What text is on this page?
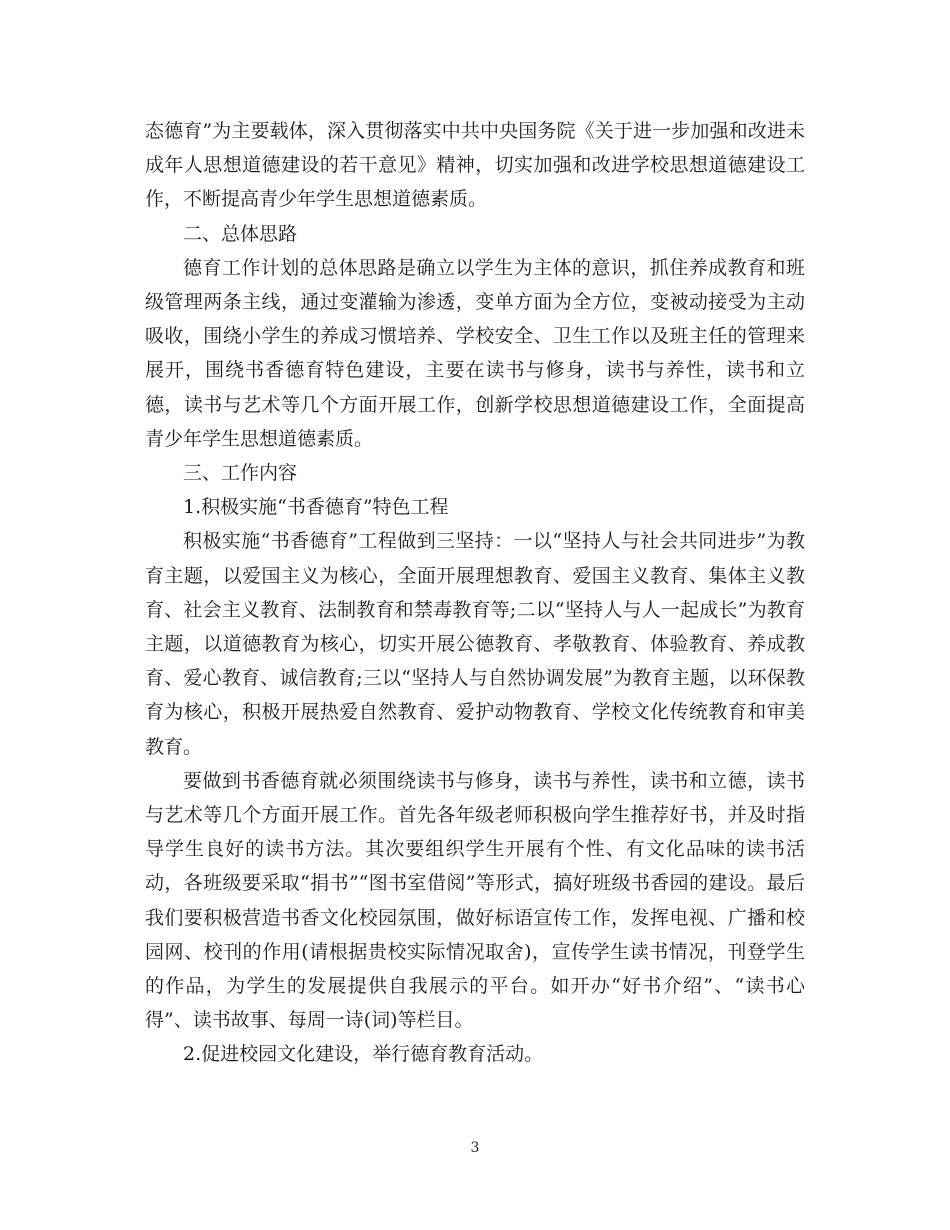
态德育”为主要载体，深入贯彻落实中共中央国务院《关于进一步加强和改进未成年人思想道德建设的若干意见》精神，切实加强和改进学校思想道德建设工作，不断提高青少年学生思想道德素质。

二、总体思路

德育工作计划的总体思路是确立以学生为主体的意识，抓住养成教育和班级管理两条主线，通过变灌输为渗透，变单方面为全方位，变被动接受为主动吸收，围绕小学生的养成习惯培养、学校安全、卫生工作以及班主任的管理来展开，围绕书香德育特色建设，主要在读书与修身，读书与养性，读书和立德，读书与艺术等几个方面开展工作，创新学校思想道德建设工作，全面提高青少年学生思想道德素质。

三、工作内容

1.积极实施“书香德育”特色工程

积极实施“书香德育”工程做到三坚持：一以“坚持人与社会共同进步”为教育主题，以爱国主义为核心，全面开展理想教育、爱国主义教育、集体主义教育、社会主义教育、法制教育和禁毒教育等;二以“坚持人与人一起成长”为教育主题，以道德教育为核心，切实开展公德教育、孝敬教育、体验教育、养成教育、爱心教育、诚信教育;三以“坚持人与自然协调发展”为教育主题，以环保教育为核心，积极开展热爱自然教育、爱护动物教育、学校文化传统教育和审美教育。

要做到书香德育就必须围绕读书与修身，读书与养性，读书和立德，读书与艺术等几个方面开展工作。首先各年级老师积极向学生推荐好书，并及时指导学生良好的读书方法。其次要组织学生开展有个性、有文化品味的读书活动，各班级要采取“捐书”“图书室借阅”等形式，搞好班级书香园的建设。最后我们要积极营造书香文化校园氛围，做好标语宣传工作，发挥电视、广播和校园网、校刊的作用(请根据贵校实际情况取舍)，宣传学生读书情况，刊登学生的作品，为学生的发展提供自我展示的平台。如开办“好书介绍”、“读书心得”、读书故事、每周一诗(词)等栏目。

2.促进校园文化建设，举行德育教育活动。

3
